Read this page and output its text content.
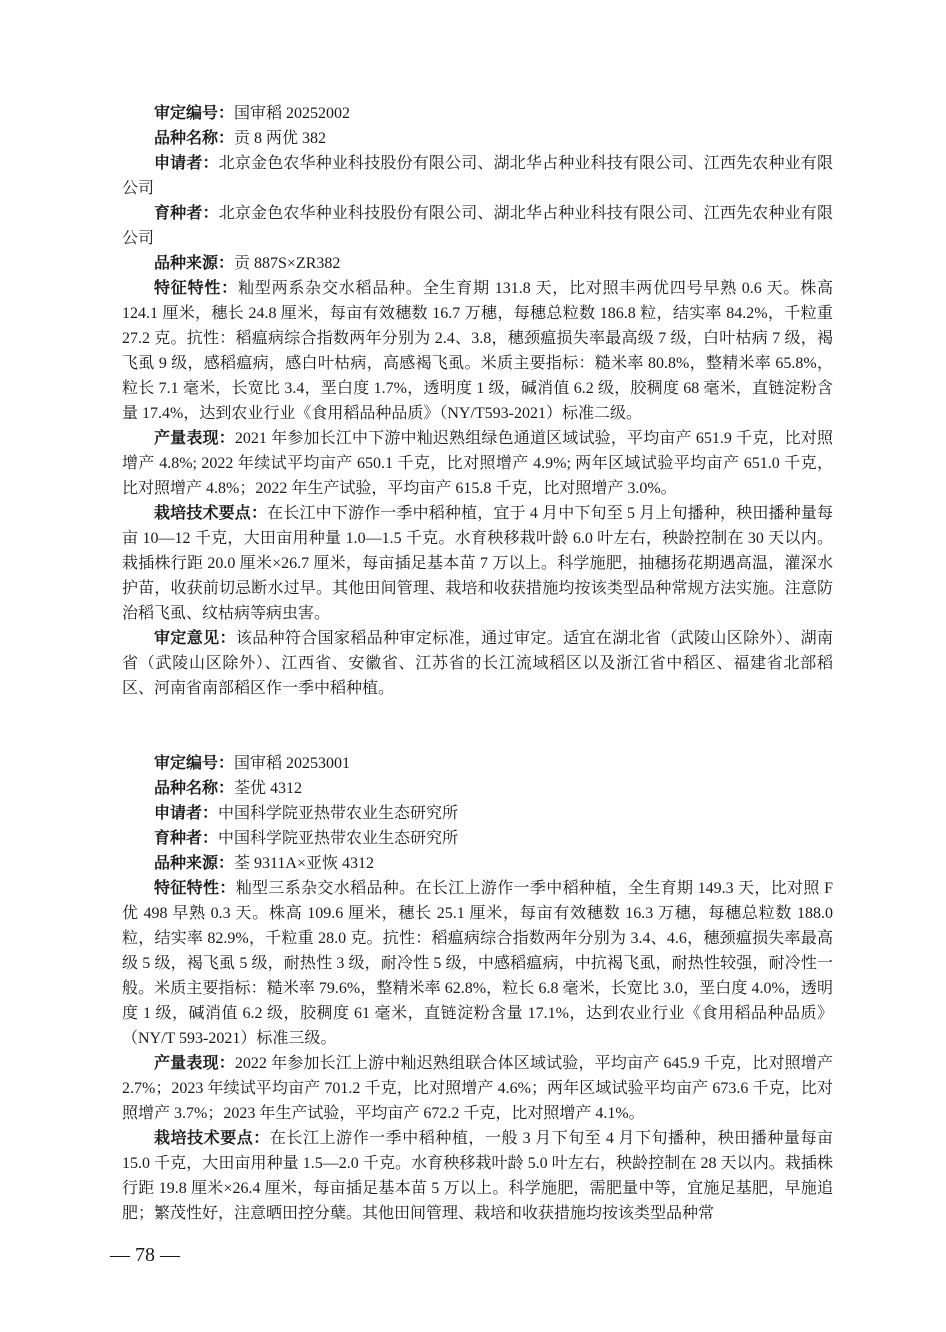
审定编号：国审稻 20252002

品种名称：贡 8 两优 382

申请者：北京金色农华种业科技股份有限公司、湖北华占种业科技有限公司、江西先农种业有限公司

育种者：北京金色农华种业科技股份有限公司、湖北华占种业科技有限公司、江西先农种业有限公司

品种来源：贡 887S×ZR382

特征特性：籼型两系杂交水稻品种。全生育期 131.8 天，比对照丰两优四号早熟 0.6 天。株高 124.1 厘米，穗长 24.8 厘米，每亩有效穗数 16.7 万穗，每穗总粒数 186.8 粒，结实率 84.2%，千粒重 27.2 克。抗性：稻瘟病综合指数两年分别为 2.4、3.8，穗颈瘟损失率最高级 7 级，白叶枯病 7 级，褐飞虱 9 级，感稻瘟病，感白叶枯病，高感褐飞虱。米质主要指标：糙米率 80.8%，整精米率 65.8%，粒长 7.1 毫米，长宽比 3.4，垩白度 1.7%，透明度 1 级，碱消值 6.2 级，胶稠度 68 毫米，直链淀粉含量 17.4%，达到农业行业《食用稻品种品质》（NY/T593-2021）标准二级。

产量表现：2021 年参加长江中下游中籼迟熟组绿色通道区域试验，平均亩产 651.9 千克，比对照增产 4.8%; 2022 年续试平均亩产 650.1 千克，比对照增产 4.9%; 两年区域试验平均亩产 651.0 千克，比对照增产 4.8%；2022 年生产试验，平均亩产 615.8 千克，比对照增产 3.0%。

栽培技术要点：在长江中下游作一季中稻种植，宜于 4 月中下旬至 5 月上旬播种，秧田播种量每亩 10—12 千克，大田亩用种量 1.0—1.5 千克。水育秧移栽叶龄 6.0 叶左右，秧龄控制在 30 天以内。栽插株行距 20.0 厘米×26.7 厘米，每亩插足基本苗 7 万以上。科学施肥，抽穗扬花期遇高温，灌深水护苗，收获前切忌断水过早。其他田间管理、栽培和收获措施均按该类型品种常规方法实施。注意防治稻飞虱、纹枯病等病虫害。

审定意见：该品种符合国家稻品种审定标准，通过审定。适宜在湖北省（武陵山区除外）、湖南省（武陵山区除外）、江西省、安徽省、江苏省的长江流域稻区以及浙江省中稻区、福建省北部稻区、河南省南部稻区作一季中稻种植。

审定编号：国审稻 20253001

品种名称：荃优 4312

申请者：中国科学院亚热带农业生态研究所

育种者：中国科学院亚热带农业生态研究所

品种来源：荃 9311A×亚恢 4312

特征特性：籼型三系杂交水稻品种。在长江上游作一季中稻种植，全生育期 149.3 天，比对照 F 优 498 早熟 0.3 天。株高 109.6 厘米，穗长 25.1 厘米，每亩有效穗数 16.3 万穗，每穗总粒数 188.0 粒，结实率 82.9%，千粒重 28.0 克。抗性：稻瘟病综合指数两年分别为 3.4、4.6，穗颈瘟损失率最高级 5 级，褐飞虱 5 级，耐热性 3 级，耐冷性 5 级，中感稻瘟病，中抗褐飞虱，耐热性较强，耐冷性一般。米质主要指标：糙米率 79.6%，整精米率 62.8%，粒长 6.8 毫米，长宽比 3.0，垩白度 4.0%，透明度 1 级，碱消值 6.2 级，胶稠度 61 毫米，直链淀粉含量 17.1%，达到农业行业《食用稻品种品质》（NY/T 593-2021）标准三级。

产量表现：2022 年参加长江上游中籼迟熟组联合体区域试验，平均亩产 645.9 千克，比对照增产 2.7%；2023 年续试平均亩产 701.2 千克，比对照增产 4.6%；两年区域试验平均亩产 673.6 千克，比对照增产 3.7%；2023 年生产试验，平均亩产 672.2 千克，比对照增产 4.1%。

栽培技术要点：在长江上游作一季中稻种植，一般 3 月下旬至 4 月下旬播种，秧田播种量每亩 15.0 千克，大田亩用种量 1.5—2.0 千克。水育秧移栽叶龄 5.0 叶左右，秧龄控制在 28 天以内。栽插株行距 19.8 厘米×26.4 厘米，每亩插足基本苗 5 万以上。科学施肥，需肥量中等，宜施足基肥，早施追肥；繁茂性好，注意晒田控分蘖。其他田间管理、栽培和收获措施均按该类型品种常

— 78 —
